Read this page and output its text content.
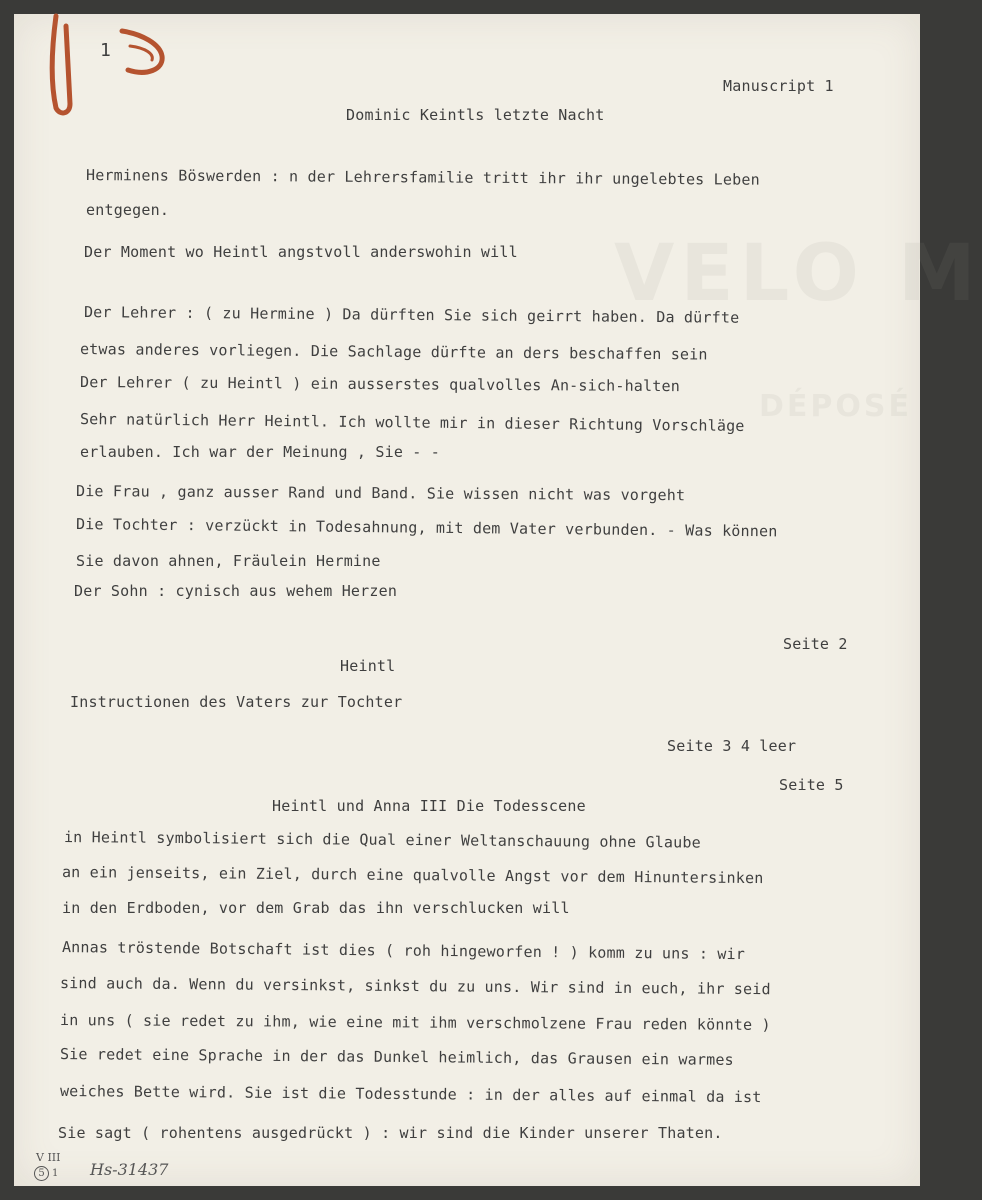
VELO M
DÉPOSÉ
1
Manuscript 1
Dominic Keintls letzte Nacht
Herminens Böswerden : n der Lehrersfamilie tritt ihr ihr ungelebtes Leben
entgegen.
Der Moment wo Heintl angstvoll anderswohin will
Der Lehrer : ( zu Hermine ) Da dürften Sie sich geirrt haben. Da dürfte
etwas anderes vorliegen. Die Sachlage dürfte an ders beschaffen sein
Der Lehrer ( zu Heintl ) ein ausserstes qualvolles An-sich-halten
Sehr natürlich Herr Heintl. Ich wollte mir in dieser Richtung Vorschläge
erlauben. Ich war der Meinung , Sie - -
Die Frau , ganz ausser Rand und Band. Sie wissen nicht was vorgeht
Die Tochter : verzückt in Todesahnung, mit dem Vater verbunden. - Was können
Sie davon ahnen, Fräulein Hermine
Der Sohn : cynisch aus wehem Herzen
Seite 2
Heintl
Instructionen des Vaters zur Tochter
Seite 3 4 leer
Seite 5
Heintl und Anna III Die Todesscene
in Heintl symbolisiert sich die Qual einer Weltanschauung ohne Glaube
an ein jenseits, ein Ziel, durch eine qualvolle Angst vor dem Hinuntersinken
in den Erdboden, vor dem Grab das ihn verschlucken will
Annas tröstende Botschaft ist dies ( roh hingeworfen ! ) komm zu uns : wir
sind auch da. Wenn du versinkst, sinkst du zu uns. Wir sind in euch, ihr seid
in uns ( sie redet zu ihm, wie eine mit ihm verschmolzene Frau reden könnte )
Sie redet eine Sprache in der das Dunkel heimlich, das Grausen ein warmes
weiches Bette wird. Sie ist die Todesstunde : in der alles auf einmal da ist
Sie sagt ( rohentens ausgedrückt ) : wir sind die Kinder unserer Thaten.
V III
5 1 Hs-31437
